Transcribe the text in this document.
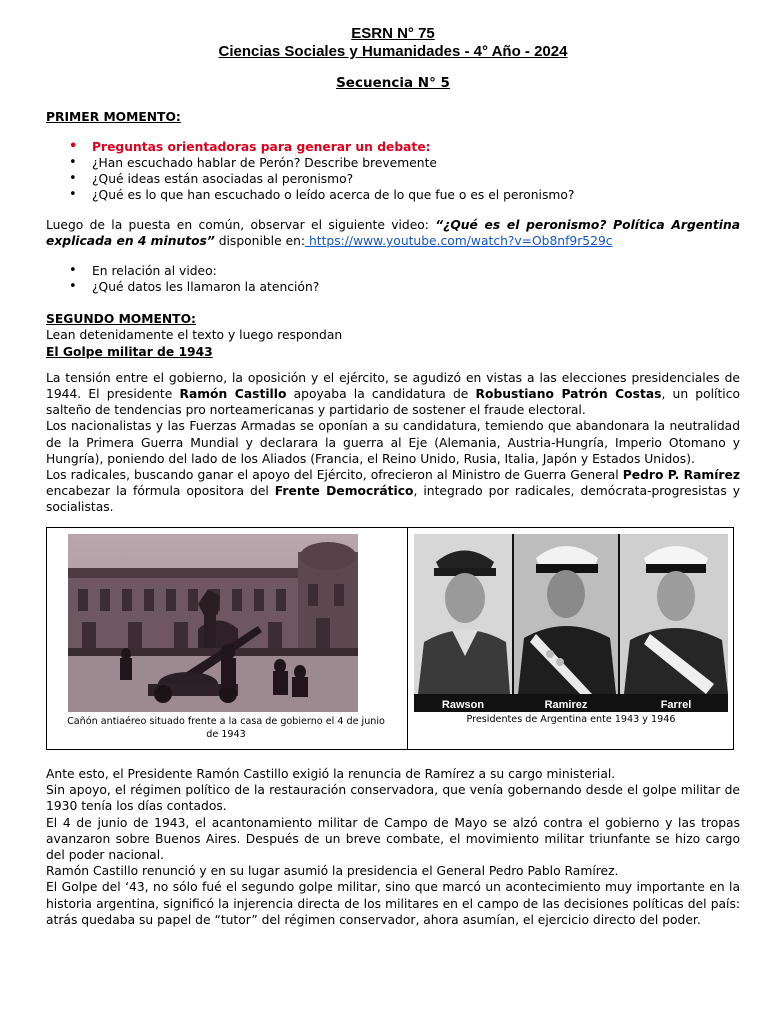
ESRN N° 75
Ciencias Sociales y Humanidades - 4° Año - 2024
Secuencia N° 5
PRIMER MOMENTO:
• Preguntas orientadoras para generar un debate:
• ¿Han escuchado hablar de Perón? Describe brevemente
• ¿Qué ideas están asociadas al peronismo?
• ¿Qué es lo que han escuchado o leído acerca de lo que fue o es el peronismo?
Luego de la puesta en común, observar el siguiente video: “¿Qué es el peronismo? Política Argentina explicada en 4 minutos” disponible en: https://www.youtube.com/watch?v=Ob8nf9r529c
• En relación al video:
• ¿Qué datos les llamaron la atención?
SEGUNDO MOMENTO:
Lean detenidamente el texto y luego respondan
El Golpe militar de 1943
La tensión entre el gobierno, la oposición y el ejército, se agudizó en vistas a las elecciones presidenciales de 1944. El presidente Ramón Castillo apoyaba la candidatura de Robustiano Patrón Costas, un político salteño de tendencias pro norteamericanas y partidario de sostener el fraude electoral.
Los nacionalistas y las Fuerzas Armadas se oponían a su candidatura, temiendo que abandonara la neutralidad de la Primera Guerra Mundial y declarara la guerra al Eje (Alemania, Austria-Hungría, Imperio Otomano y Hungría), poniendo del lado de los Aliados (Francia, el Reino Unido, Rusia, Italia, Japón y Estados Unidos).
Los radicales, buscando ganar el apoyo del Ejército, ofrecieron al Ministro de Guerra General Pedro P. Ramírez encabezar la fórmula opositora del Frente Democrático, integrado por radicales, demócrata-progresistas y socialistas.
Cañón antiaéreo situado frente a la casa de gobierno el 4 de junio de 1943
Rawson	Ramirez	Farrel
Presidentes de Argentina ente 1943 y 1946
Ante esto, el Presidente Ramón Castillo exigió la renuncia de Ramírez a su cargo ministerial.
Sin apoyo, el régimen político de la restauración conservadora, que venía gobernando desde el golpe militar de 1930 tenía los días contados.
El 4 de junio de 1943, el acantonamiento militar de Campo de Mayo se alzó contra el gobierno y las tropas avanzaron sobre Buenos Aires. Después de un breve combate, el movimiento militar triunfante se hizo cargo del poder nacional.
Ramón Castillo renunció y en su lugar asumió la presidencia el General Pedro Pablo Ramírez.
El Golpe del ‘43, no sólo fué el segundo golpe militar, sino que marcó un acontecimiento muy importante en la historia argentina, significó la injerencia directa de los militares en el campo de las decisiones políticas del país: atrás quedaba su papel de “tutor” del régimen conservador, ahora asumían, el ejercicio directo del poder.
